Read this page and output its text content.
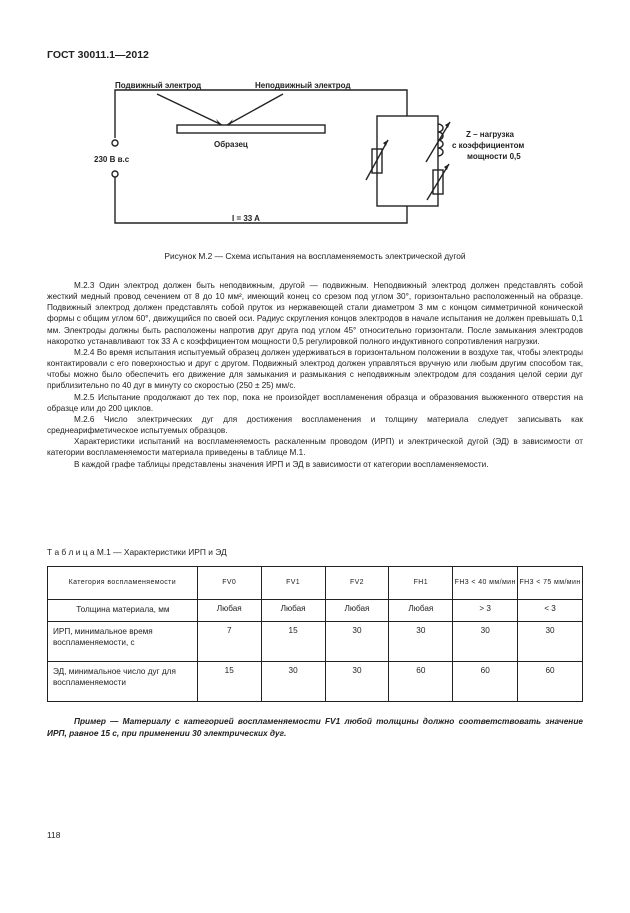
ГОСТ 30011.1—2012
Подвижный электрод	Неподвижный электрод
Образец
230 В в.с
I = 33 A
Z – нагрузка
с коэффициентом
мощности 0,5
Рисунок М.2 — Схема испытания на воспламеняемость электрической дугой

М.2.3 Один электрод должен быть неподвижным, другой — подвижным. Неподвижный электрод должен представлять собой жесткий медный провод сечением от 8 до 10 мм², имеющий конец со срезом под углом 30°, горизонтально расположенный на образце. Подвижный электрод должен представлять собой пруток из нержавеющей стали диаметром 3 мм с концом симметричной конической формы с общим углом 60°, движущийся по своей оси. Радиус скругления концов электродов в начале испытания не должен превышать 0,1 мм. Электроды должны быть расположены напротив друг друга под углом 45° относительно горизонтали. После замыкания электродов накоротко устанавливают ток 33 А с коэффициентом мощности 0,5 регулировкой полного индуктивного сопротивления нагрузки.

М.2.4 Во время испытания испытуемый образец должен удерживаться в горизонтальном положении в воздухе так, чтобы электроды контактировали с его поверхностью и друг с другом. Подвижный электрод должен управляться вручную или любым другим способом так, чтобы можно было обеспечить его движение для замыкания и размыкания с неподвижным электродом для создания целой серии дуг приблизительно по 40 дуг в минуту со скоростью (250 ± 25) мм/с.

М.2.5 Испытание продолжают до тех пор, пока не произойдет воспламенения образца и образования выжженного отверстия на образце или до 200 циклов.

М.2.6 Число электрических дуг для достижения воспламенения и толщину материала следует записывать как среднеарифметическое испытуемых образцов.

Характеристики испытаний на воспламеняемость раскаленным проводом (ИРП) и электрической дугой (ЭД) в зависимости от категории воспламеняемости материала приведены в таблице М.1.

В каждой графе таблицы представлены значения ИРП и ЭД в зависимости от категории воспламеняемости.

Т а б л и ц а М.1 — Характеристики ИРП и ЭД
Категория воспламеняемости	FV0	FV1	FV2	FH1	FH3 < 40 мм/мин	FH3 < 75 мм/мин
Толщина материала, мм	Любая	Любая	Любая	Любая	> 3	< 3
ИРП, минимальное время воспламеняемости, с	7	15	30	30	30	30
ЭД, минимальное число дуг для воспламеняемости	15	30	30	60	60	60
Пример — Материалу с категорией воспламеняемости FV1 любой толщины должно соответствовать значение ИРП, равное 15 с, при применении 30 электрических дуг.
118
